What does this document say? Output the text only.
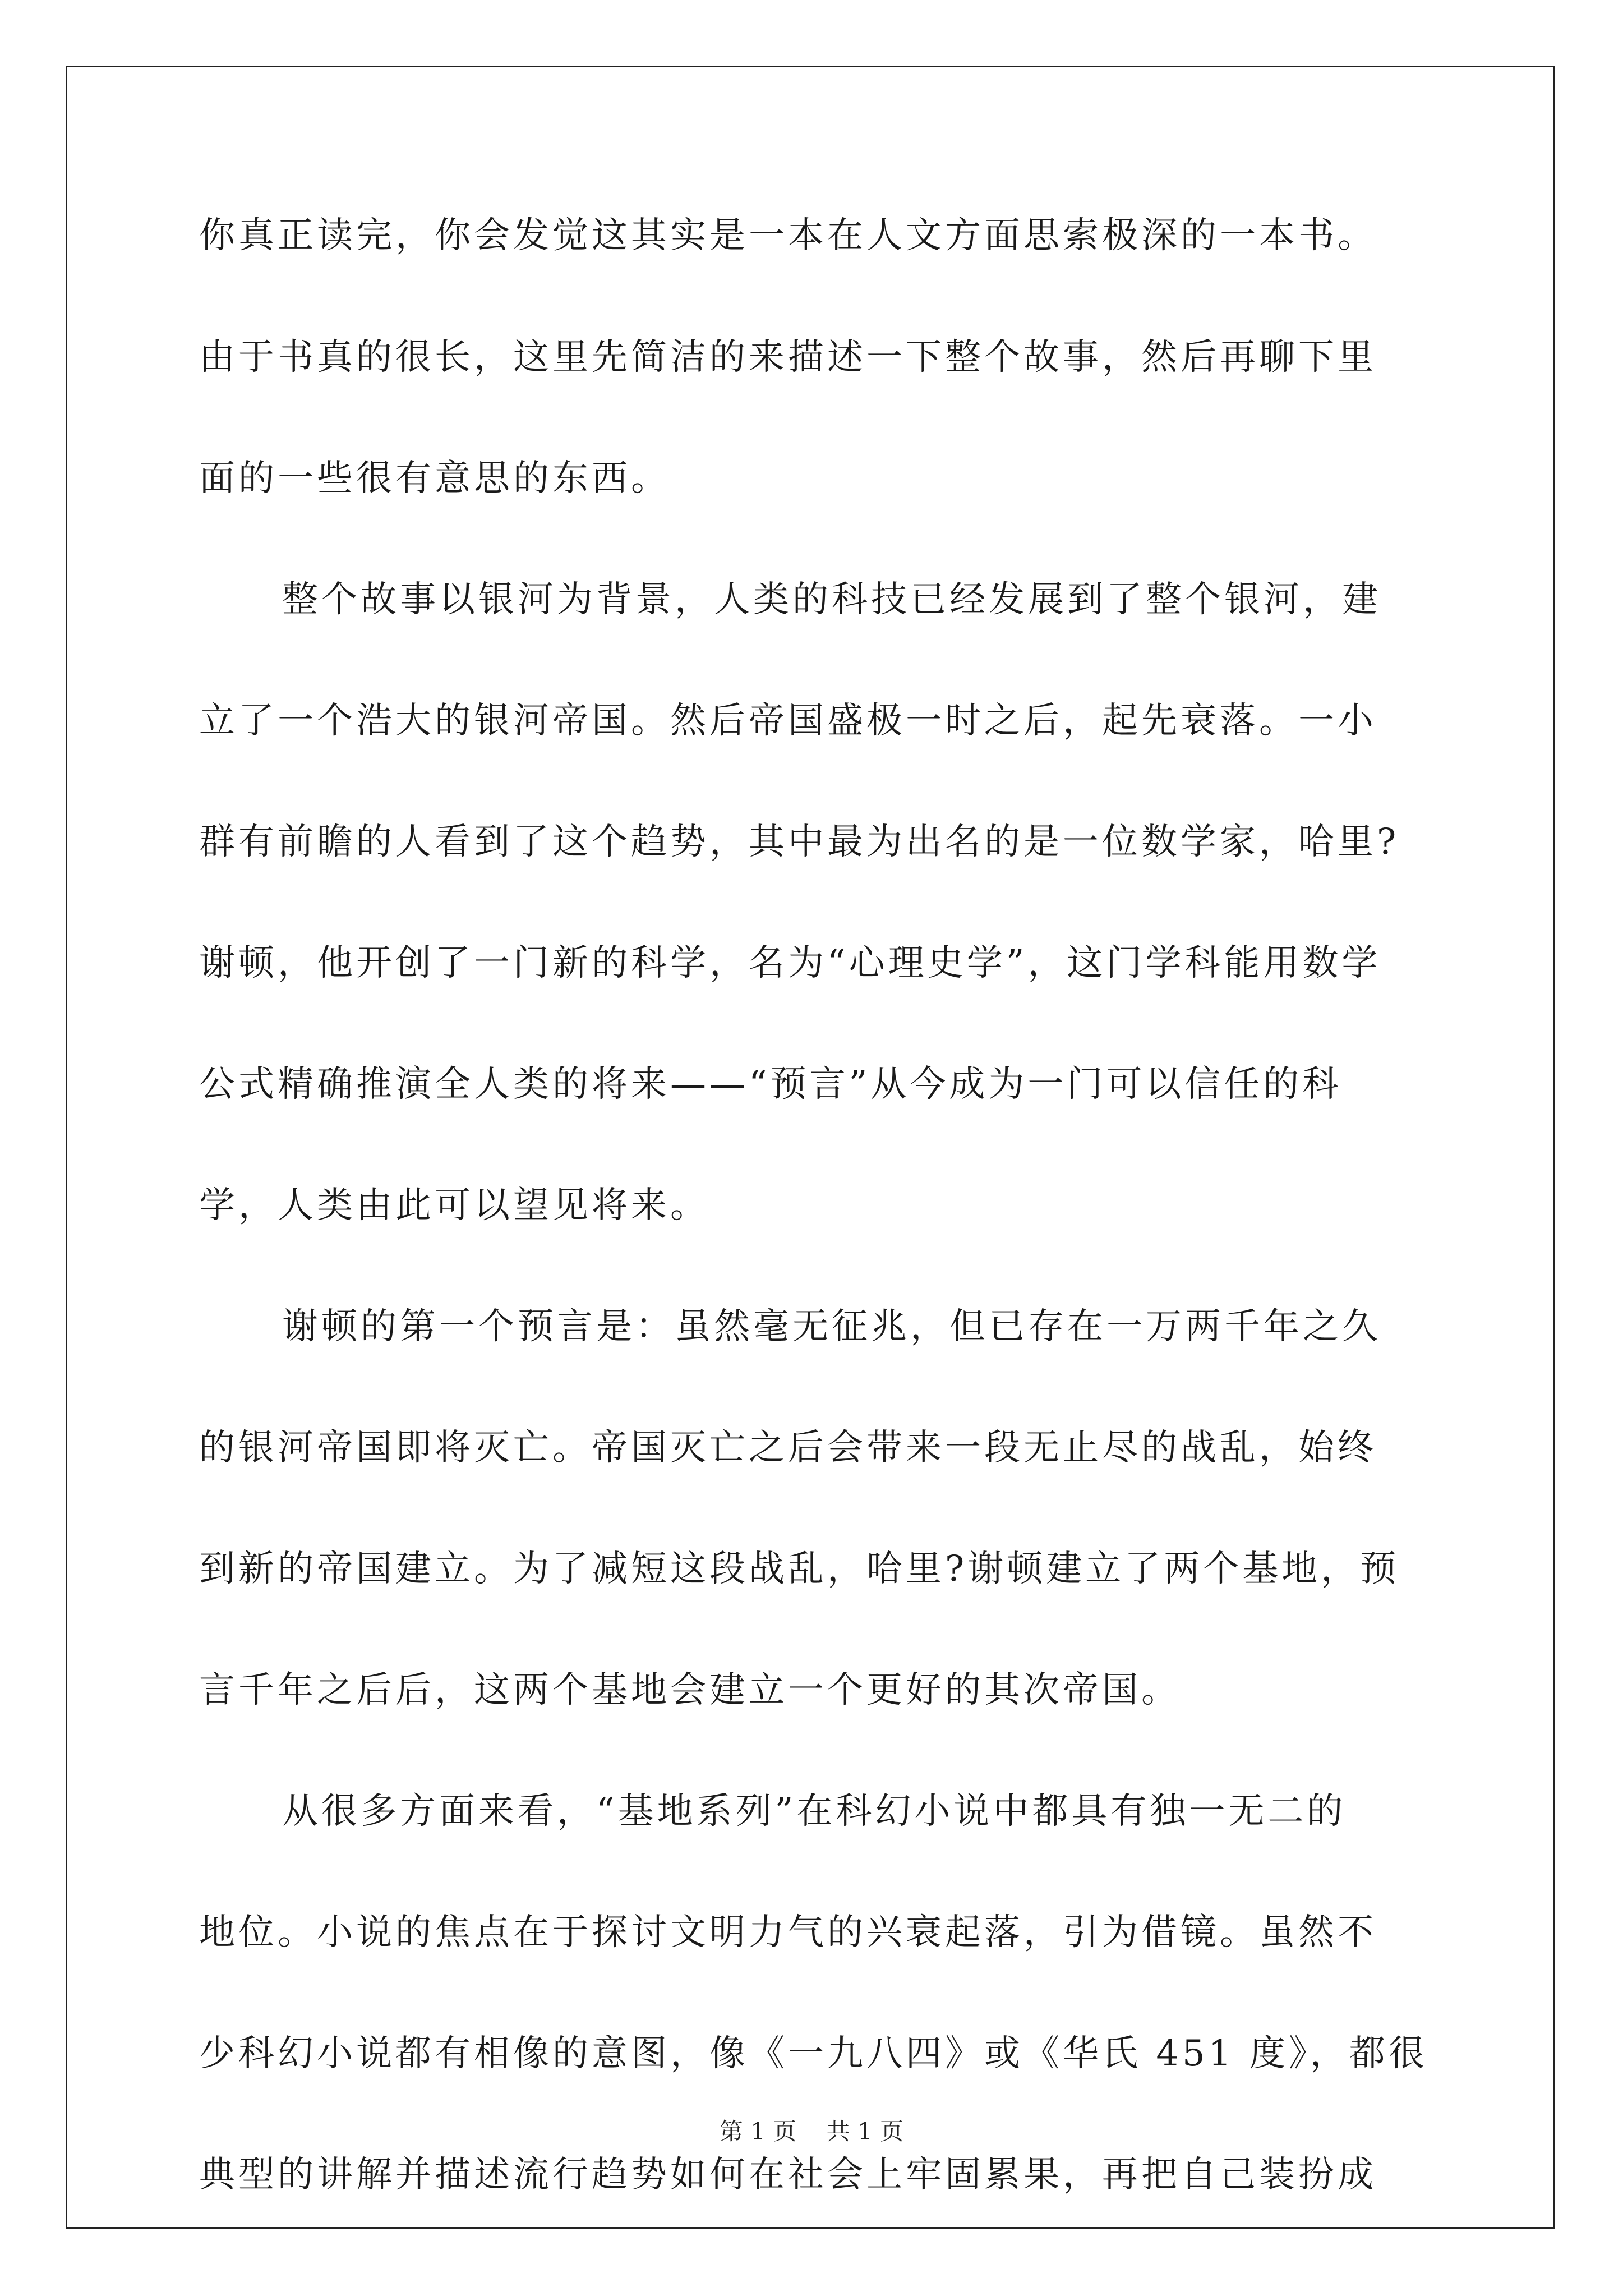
你真正读完，你会发觉这其实是一本在人文方面思索极深的一本书。
由于书真的很长，这里先简洁的来描述一下整个故事，然后再聊下里
面的一些很有意思的东西。
整个故事以银河为背景，人类的科技已经发展到了整个银河，建
立了一个浩大的银河帝国。然后帝国盛极一时之后，起先衰落。一小
群有前瞻的人看到了这个趋势，其中最为出名的是一位数学家，哈里?
谢顿，他开创了一门新的科学，名为“心理史学”，这门学科能用数学
公式精确推演全人类的将来——“预言”从今成为一门可以信任的科
学，人类由此可以望见将来。
谢顿的第一个预言是：虽然毫无征兆，但已存在一万两千年之久
的银河帝国即将灭亡。帝国灭亡之后会带来一段无止尽的战乱，始终
到新的帝国建立。为了减短这段战乱，哈里?谢顿建立了两个基地，预
言千年之后后，这两个基地会建立一个更好的其次帝国。
从很多方面来看，“基地系列”在科幻小说中都具有独一无二的
地位。小说的焦点在于探讨文明力气的兴衰起落，引为借镜。虽然不
少科幻小说都有相像的意图，像《一九八四》或《华氏 451 度》，都很
典型的讲解并描述流行趋势如何在社会上牢固累果，再把自己装扮成
第 1 页    共 1 页
